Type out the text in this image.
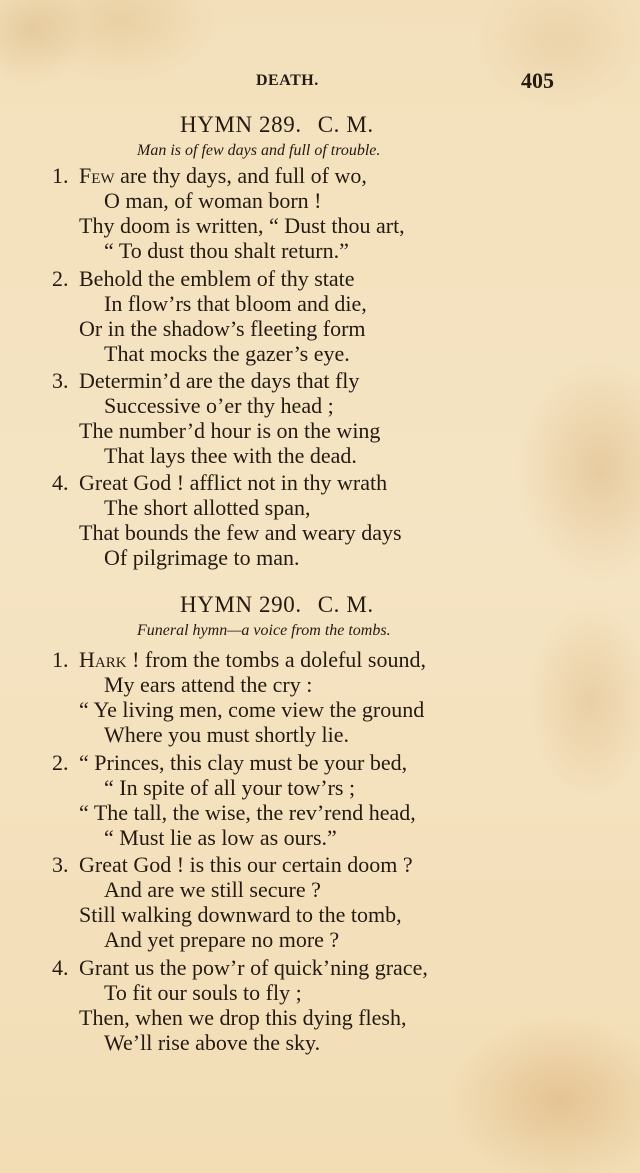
DEATH.	405
HYMN 289. C. M.
Man is of few days and full of trouble.
1. Few are thy days, and full of wo,
O man, of woman born !
Thy doom is written, “ Dust thou art,
“ To dust thou shalt return.”
2. Behold the emblem of thy state
In flow’rs that bloom and die,
Or in the shadow’s fleeting form
That mocks the gazer’s eye.
3. Determin’d are the days that fly
Successive o’er thy head ;
The number’d hour is on the wing
That lays thee with the dead.
4. Great God ! afflict not in thy wrath
The short allotted span,
That bounds the few and weary days
Of pilgrimage to man.
HYMN 290. C. M.
Funeral hymn—a voice from the tombs.
1. Hark ! from the tombs a doleful sound,
My ears attend the cry :
“ Ye living men, come view the ground
Where you must shortly lie.
2. “ Princes, this clay must be your bed,
“ In spite of all your tow’rs ;
“ The tall, the wise, the rev’rend head,
“ Must lie as low as ours.”
3. Great God ! is this our certain doom ?
And are we still secure ?
Still walking downward to the tomb,
And yet prepare no more ?
4. Grant us the pow’r of quick’ning grace,
To fit our souls to fly ;
Then, when we drop this dying flesh,
We’ll rise above the sky.
